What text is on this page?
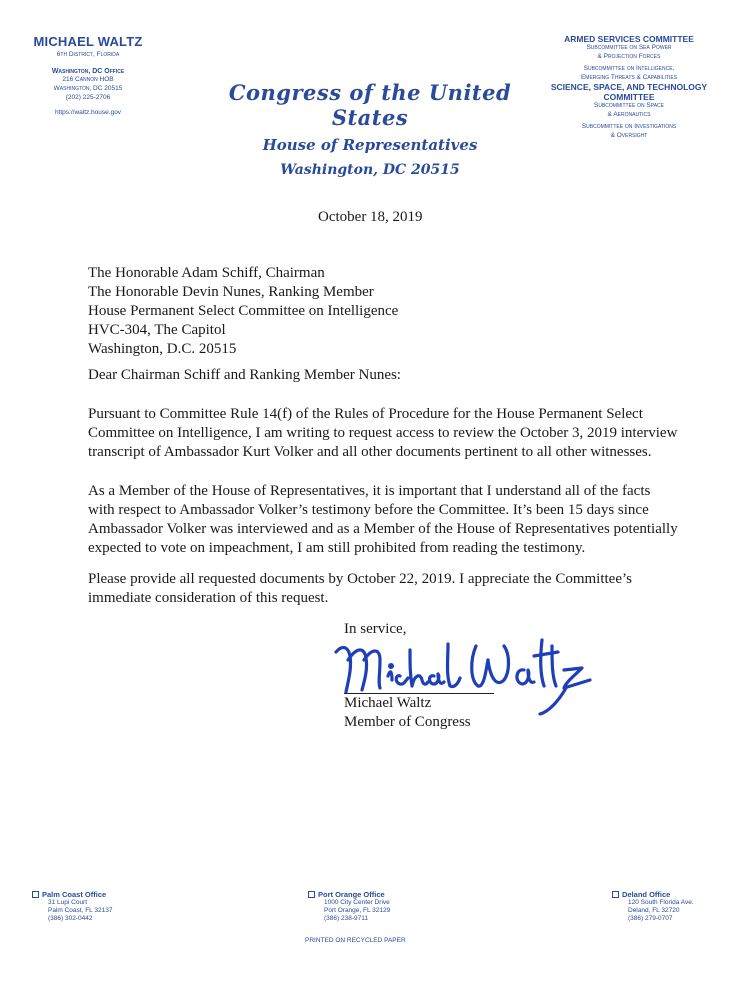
MICHAEL WALTZ
6th District, Florida
Washington, DC Office
216 Cannon HOB
Washington, DC 20515
(202) 225-2706
https://waltz.house.gov
Congress of the United States
House of Representatives
Washington, DC 20515
ARMED SERVICES COMMITTEE
Subcommittee on Sea Power
& Projection Forces
Subcommittee on Intelligence,
Emerging Threats & Capabilities
SCIENCE, SPACE, AND TECHNOLOGY
COMMITTEE
Subcommittee on Space
& Aeronautics
Subcommittee on Investigations
& Oversight
October 18, 2019
The Honorable Adam Schiff, Chairman
The Honorable Devin Nunes, Ranking Member
House Permanent Select Committee on Intelligence
HVC-304, The Capitol
Washington, D.C. 20515
Dear Chairman Schiff and Ranking Member Nunes:
Pursuant to Committee Rule 14(f) of the Rules of Procedure for the House Permanent Select Committee on Intelligence, I am writing to request access to review the October 3, 2019 interview transcript of Ambassador Kurt Volker and all other documents pertinent to all other witnesses.
As a Member of the House of Representatives, it is important that I understand all of the facts with respect to Ambassador Volker’s testimony before the Committee. It’s been 15 days since Ambassador Volker was interviewed and as a Member of the House of Representatives potentially expected to vote on impeachment, I am still prohibited from reading the testimony.
Please provide all requested documents by October 22, 2019. I appreciate the Committee’s immediate consideration of this request.
In service,
Michael Waltz
Member of Congress
Palm Coast Office
31 Lupi Court
Palm Coast, FL 32137
(386) 302-0442
Port Orange Office
1000 City Center Drive
Port Orange, FL 32129
(386) 238-9711
Deland Office
120 South Florida Ave.
Deland, FL 32720
(386) 279-0707
PRINTED ON RECYCLED PAPER
